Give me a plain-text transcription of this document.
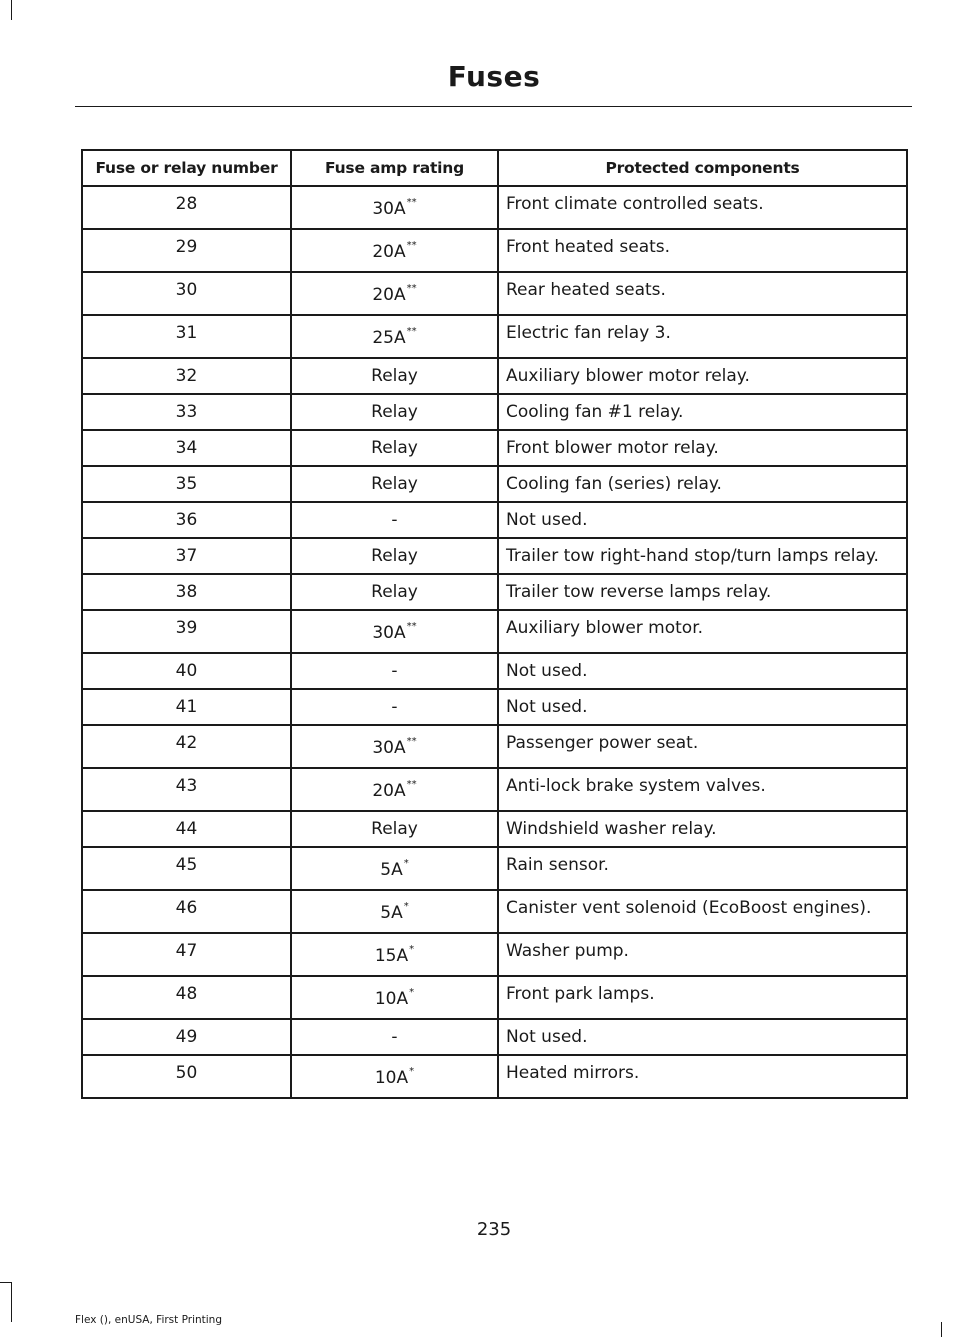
Fuses
Fuse or relay number	Fuse amp rating	Protected components
28	30A**	Front climate controlled seats.
29	20A**	Front heated seats.
30	20A**	Rear heated seats.
31	25A**	Electric fan relay 3.
32	Relay	Auxiliary blower motor relay.
33	Relay	Cooling fan #1 relay.
34	Relay	Front blower motor relay.
35	Relay	Cooling fan (series) relay.
36	-	Not used.
37	Relay	Trailer tow right-hand stop/turn lamps relay.
38	Relay	Trailer tow reverse lamps relay.
39	30A**	Auxiliary blower motor.
40	-	Not used.
41	-	Not used.
42	30A**	Passenger power seat.
43	20A**	Anti-lock brake system valves.
44	Relay	Windshield washer relay.
45	5A*	Rain sensor.
46	5A*	Canister vent solenoid (EcoBoost engines).
47	15A*	Washer pump.
48	10A*	Front park lamps.
49	-	Not used.
50	10A*	Heated mirrors.
235
Flex (), enUSA, First Printing
